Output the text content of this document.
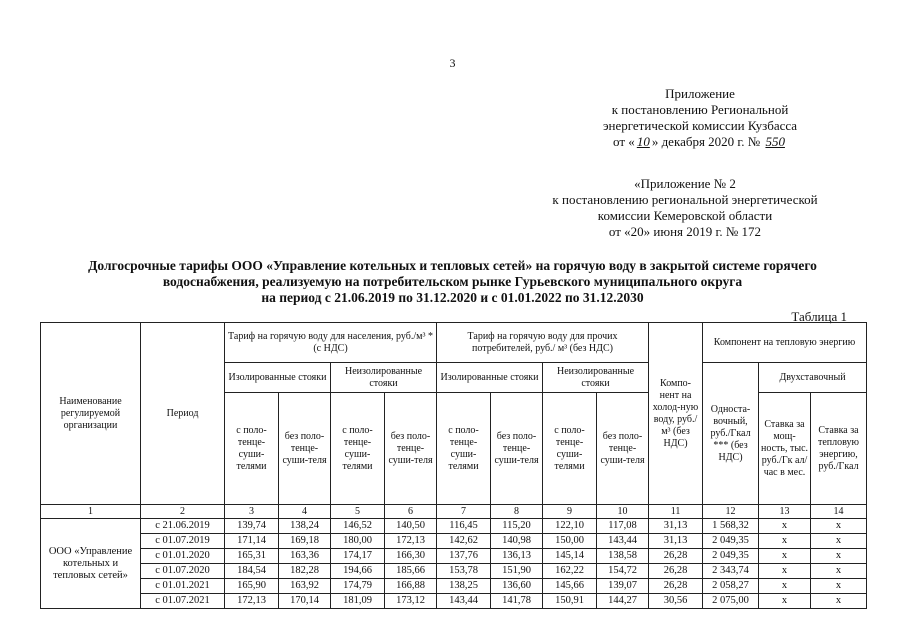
3
Приложение
к постановлению Региональной
энергетической комиссии Кузбасса
от « 10 » декабря 2020 г. № 550
«Приложение № 2
к постановлению региональной энергетической
комиссии Кемеровской области
от «20» июня 2019 г. № 172
Долгосрочные тарифы ООО «Управление котельных и тепловых сетей» на горячую воду в закрытой системе горячего
водоснабжения, реализуемую на потребительском рынке Гурьевского муниципального округа
на период с 21.06.2019 по 31.12.2020 и с 01.01.2022 по 31.12.2030
Таблица 1
Наименование регулируемой организации	Период	Тариф на горячую воду для населения, руб./м³ * (с НДС)				Тариф на горячую воду для прочих потребителей, руб./ м³ (без НДС)				Компо-нент на холод-ную воду, руб./м³ (без НДС)	Компонент на тепловую энергию		
		Изолированные стояки		Неизолированные стояки		Изолированные стояки		Неизолированные стояки			Односта-вочный, руб./Гкал *** (без НДС)	Двухставочный	
		с поло-тенце-суши-телями	без поло-тенце-суши-теля	с поло-тенце-суши-телями	без поло-тенце-суши-теля	с поло-тенце-суши-телями	без поло-тенце-суши-теля	с поло-тенце-суши-телями	без поло-тенце-суши-теля			Ставка за мощ-ность, тыс. руб./Гк ал/ час в мес.	Ставка за тепловую энергию, руб./Гкал
1	2	3	4	5	6	7	8	9	10	11	12	13	14
ООО «Управление котельных и тепловых сетей»	с 21.06.2019	139,74	138,24	146,52	140,50	116,45	115,20	122,10	117,08	31,13	1 568,32	х	х
	с 01.07.2019	171,14	169,18	180,00	172,13	142,62	140,98	150,00	143,44	31,13	2 049,35	х	х
	с 01.01.2020	165,31	163,36	174,17	166,30	137,76	136,13	145,14	138,58	26,28	2 049,35	х	х
	с 01.07.2020	184,54	182,28	194,66	185,66	153,78	151,90	162,22	154,72	26,28	2 343,74	х	х
	с 01.01.2021	165,90	163,92	174,79	166,88	138,25	136,60	145,66	139,07	26,28	2 058,27	х	х
	с 01.07.2021	172,13	170,14	181,09	173,12	143,44	141,78	150,91	144,27	30,56	2 075,00	х	х
